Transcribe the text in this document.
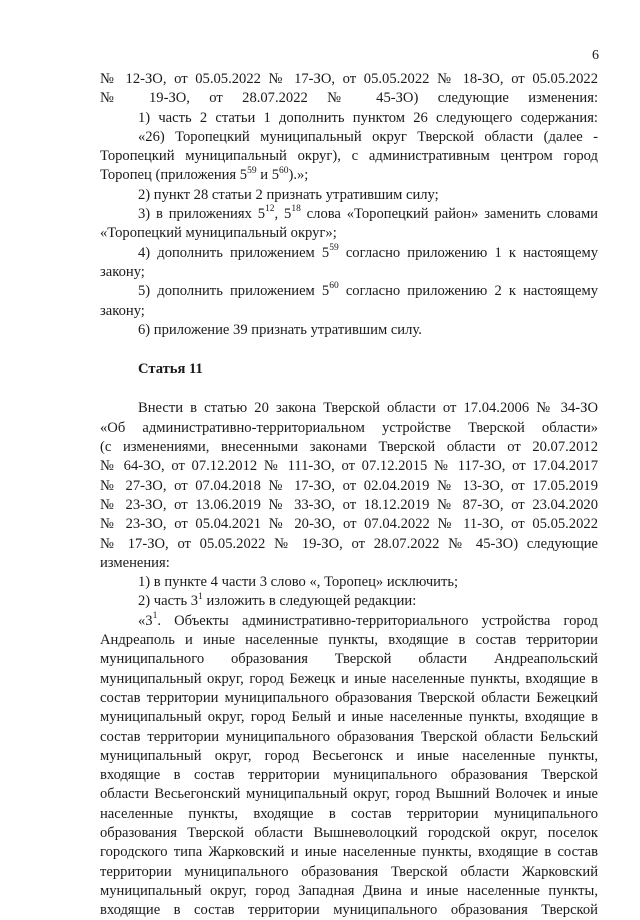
6

№ 12-ЗО, от 05.05.2022 № 17-ЗО, от 05.05.2022 № 18-ЗО, от 05.05.2022

№ 19-ЗО, от 28.07.2022 № 45-ЗО) следующие изменения:

1) часть 2 статьи 1 дополнить пунктом 26 следующего содержания:

«26) Торопецкий муниципальный округ Тверской области (далее -

Торопецкий муниципальный округ), с административным центром город

Торопец (приложения $5^{59}$ и $5^{60}$).»;

2) пункт 28 статьи 2 признать утратившим силу;

3) в приложениях $5^{12}$, $5^{18}$ слова «Торопецкий район» заменить словами

«Торопецкий муниципальный округ»;

4) дополнить приложением $5^{59}$ согласно приложению 1 к настоящему

закону;

5) дополнить приложением $5^{60}$ согласно приложению 2 к настоящему

закону;

6) приложение 39 признать утратившим силу.

Статья 11

Внести в статью 20 закона Тверской области от 17.04.2006 № 34-ЗО

«Об административно-территориальном устройстве Тверской области»

(с изменениями, внесенными законами Тверской области от 20.07.2012

№ 64-ЗО, от 07.12.2012 № 111-ЗО, от 07.12.2015 № 117-ЗО, от 17.04.2017

№ 27-ЗО, от 07.04.2018 № 17-ЗО, от 02.04.2019 № 13-ЗО, от 17.05.2019

№ 23-ЗО, от 13.06.2019 № 33-ЗО, от 18.12.2019 № 87-ЗО, от 23.04.2020

№ 23-ЗО, от 05.04.2021 № 20-ЗО, от 07.04.2022 № 11-ЗО, от 05.05.2022

№ 17-ЗО, от 05.05.2022 № 19-ЗО, от 28.07.2022 № 45-ЗО) следующие

изменения:

1) в пункте 4 части 3 слово «, Торопец» исключить;

2) часть $3^1$ изложить в следующей редакции:

«$3^1$. Объекты административно-территориального устройства город

Андреаполь и иные населенные пункты, входящие в состав территории

муниципального образования Тверской области Андреапольский

муниципальный округ, город Бежецк и иные населенные пункты, входящие в

состав территории муниципального образования Тверской области Бежецкий

муниципальный округ, город Белый и иные населенные пункты, входящие в

состав территории муниципального образования Тверской области Бельский

муниципальный округ, город Весьегонск и иные населенные пункты,

входящие в состав территории муниципального образования Тверской

области Весьегонский муниципальный округ, город Вышний Волочек и иные

населенные пункты, входящие в состав территории муниципального

образования Тверской области Вышневолоцкий городской округ, поселок

городского типа Жарковский и иные населенные пункты, входящие в состав

территории муниципального образования Тверской области Жарковский

муниципальный округ, город Западная Двина и иные населенные пункты,

входящие в состав территории муниципального образования Тверской
